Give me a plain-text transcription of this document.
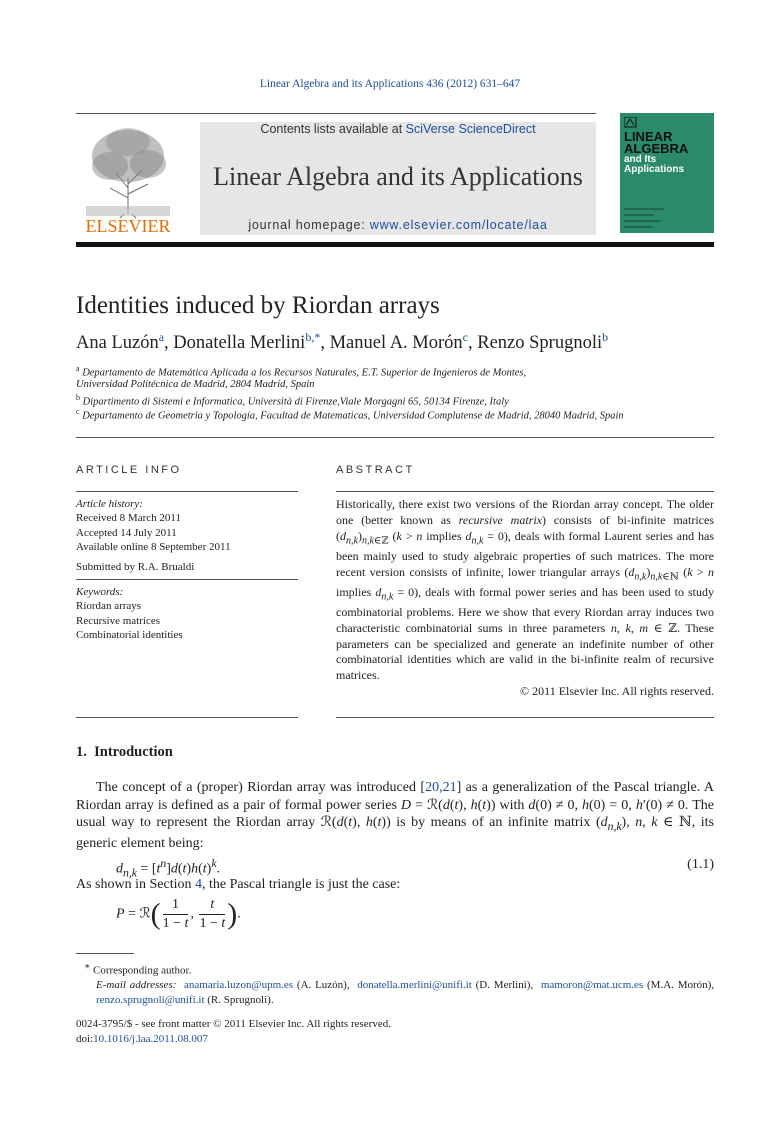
Linear Algebra and its Applications 436 (2012) 631–647
ELSEVIER
Contents lists available at SciVerse ScienceDirect
Linear Algebra and its Applications
journal homepage: www.elsevier.com/locate/laa
LINEAR
ALGEBRA
and Its
Applications
Identities induced by Riordan arrays
Ana Luzón$^a$, Donatella Merlini$^{b,*}$, Manuel A. Morón$^c$, Renzo Sprugnoli$^b$
$^a$ Departamento de Matemática Aplicada a los Recursos Naturales, E.T. Superior de Ingenieros de Montes,
Universidad Politécnica de Madrid, 2804 Madrid, Spain
$^b$ Dipartimento di Sistemi e Informatica, Università di Firenze,Viale Morgagni 65, 50134 Firenze, Italy
$^c$ Departamento de Geometria y Topología, Facultad de Matematicas, Universidad Complutense de Madrid, 28040 Madrid, Spain
ARTICLE INFO	ABSTRACT
Article history:
Received 8 March 2011
Accepted 14 July 2011
Available online 8 September 2011
Submitted by R.A. Brualdi
Keywords:
Riordan arrays
Recursive matrices
Combinatorial identities
Historically, there exist two versions of the Riordan array concept. The older one (better known as recursive matrix) consists of bi-infinite matrices $(d_{n,k})_{n,k\in ℤ}$ (k > n implies $d_{n,k} = 0$), deals with formal Laurent series and has been mainly used to study algebraic properties of such matrices. The more recent version consists of infinite, lower triangular arrays $(d_{n,k})_{n,k\in ℕ}$ (k > n implies $d_{n,k} = 0$), deals with formal power series and has been used to study combinatorial problems. Here we show that every Riordan array induces two characteristic combinatorial sums in three parameters n, k, m ∈ ℤ. These parameters can be specialized and generate an indefinite number of other combinatorial identities which are valid in the bi-infinite realm of recursive matrices.
© 2011 Elsevier Inc. All rights reserved.
1. Introduction
The concept of a (proper) Riordan array was introduced [20,21] as a generalization of the Pascal triangle. A Riordan array is defined as a pair of formal power series D = ℛ(d(t), h(t)) with d(0) ≠ 0, h(0) = 0, h′(0) ≠ 0. The usual way to represent the Riordan array ℛ(d(t), h(t)) is by means of an infinite matrix $(d_{n,k})$, n, k ∈ ℕ, its generic element being:
$d_{n,k} = [t^n]d(t)h(t)^k$.	(1.1)
As shown in Section 4, the Pascal triangle is just the case:
P = ℛ( $\frac{1}{1 - t}$ , $\frac{t}{1 - t}$ ).
∗ Corresponding author.
E-mail addresses: anamaria.luzon@upm.es (A. Luzón),  donatella.merlini@unifi.it (D. Merlini),  mamoron@mat.ucm.es (M.A. Morón), renzo.sprugnoli@unifi.it (R. Sprugnoli).
0024-3795/$ - see front matter © 2011 Elsevier Inc. All rights reserved.
doi:10.1016/j.laa.2011.08.007
